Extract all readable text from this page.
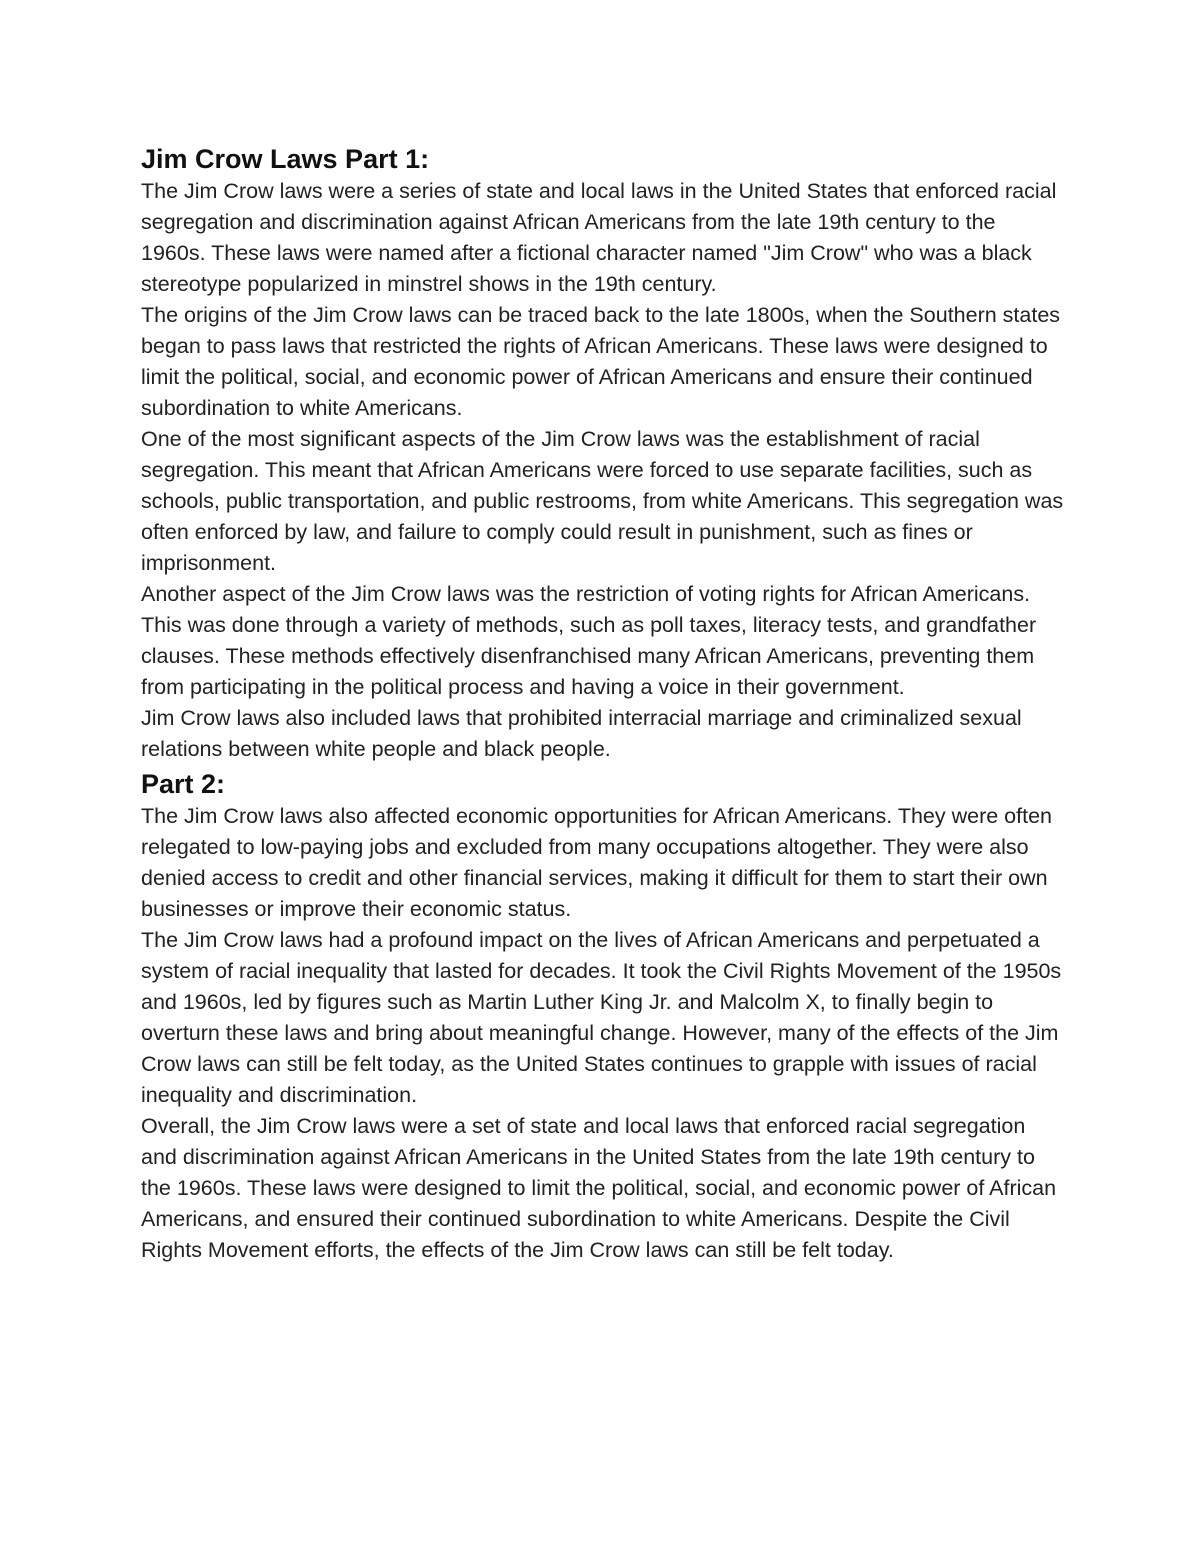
Jim Crow Laws Part 1:

The Jim Crow laws were a series of state and local laws in the United States that enforced racial segregation and discrimination against African Americans from the late 19th century to the 1960s. These laws were named after a fictional character named "Jim Crow" who was a black stereotype popularized in minstrel shows in the 19th century.

The origins of the Jim Crow laws can be traced back to the late 1800s, when the Southern states began to pass laws that restricted the rights of African Americans. These laws were designed to limit the political, social, and economic power of African Americans and ensure their continued subordination to white Americans.

One of the most significant aspects of the Jim Crow laws was the establishment of racial segregation. This meant that African Americans were forced to use separate facilities, such as schools, public transportation, and public restrooms, from white Americans. This segregation was often enforced by law, and failure to comply could result in punishment, such as fines or imprisonment.

Another aspect of the Jim Crow laws was the restriction of voting rights for African Americans. This was done through a variety of methods, such as poll taxes, literacy tests, and grandfather clauses. These methods effectively disenfranchised many African Americans, preventing them from participating in the political process and having a voice in their government.

Jim Crow laws also included laws that prohibited interracial marriage and criminalized sexual relations between white people and black people.

Part 2:

The Jim Crow laws also affected economic opportunities for African Americans. They were often relegated to low-paying jobs and excluded from many occupations altogether. They were also denied access to credit and other financial services, making it difficult for them to start their own businesses or improve their economic status.

The Jim Crow laws had a profound impact on the lives of African Americans and perpetuated a system of racial inequality that lasted for decades. It took the Civil Rights Movement of the 1950s and 1960s, led by figures such as Martin Luther King Jr. and Malcolm X, to finally begin to overturn these laws and bring about meaningful change. However, many of the effects of the Jim Crow laws can still be felt today, as the United States continues to grapple with issues of racial inequality and discrimination.

Overall, the Jim Crow laws were a set of state and local laws that enforced racial segregation and discrimination against African Americans in the United States from the late 19th century to the 1960s. These laws were designed to limit the political, social, and economic power of African Americans, and ensured their continued subordination to white Americans. Despite the Civil Rights Movement efforts, the effects of the Jim Crow laws can still be felt today.
